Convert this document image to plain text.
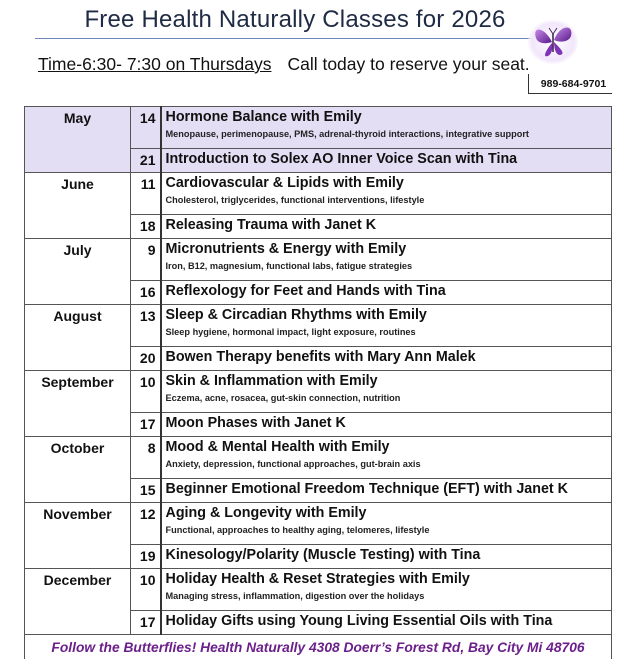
Free Health Naturally Classes for 2026
Time-6:30- 7:30 on Thursdays Call today to reserve your seat.
989-684-9701
May	14	Hormone Balance with Emily
Menopause, perimenopause, PMS, adrenal-thyroid interactions, integrative support

	21	Introduction to Solex AO Inner Voice Scan with Tina

June	11	Cardiovascular & Lipids with Emily
Cholesterol, triglycerides, functional interventions, lifestyle

	18	Releasing Trauma with Janet K

July	9	Micronutrients & Energy with Emily
Iron, B12, magnesium, functional labs, fatigue strategies

	16	Reflexology for Feet and Hands with Tina

August	13	Sleep & Circadian Rhythms with Emily
Sleep hygiene, hormonal impact, light exposure, routines

	20	Bowen Therapy benefits with Mary Ann Malek

September	10	Skin & Inflammation with Emily
Eczema, acne, rosacea, gut-skin connection, nutrition

	17	Moon Phases with Janet K

October	8	Mood & Mental Health with Emily
Anxiety, depression, functional approaches, gut-brain axis

	15	Beginner Emotional Freedom Technique (EFT) with Janet K

November	12	Aging & Longevity with Emily
Functional, approaches to healthy aging, telomeres, lifestyle

	19	Kinesology/Polarity (Muscle Testing) with Tina

December	10	Holiday Health & Reset Strategies with Emily
Managing stress, inflammation, digestion over the holidays

	17	Holiday Gifts using Young Living Essential Oils with Tina

Follow the Butterflies! Health Naturally 4308 Doerr’s Forest Rd, Bay City Mi 48706		
